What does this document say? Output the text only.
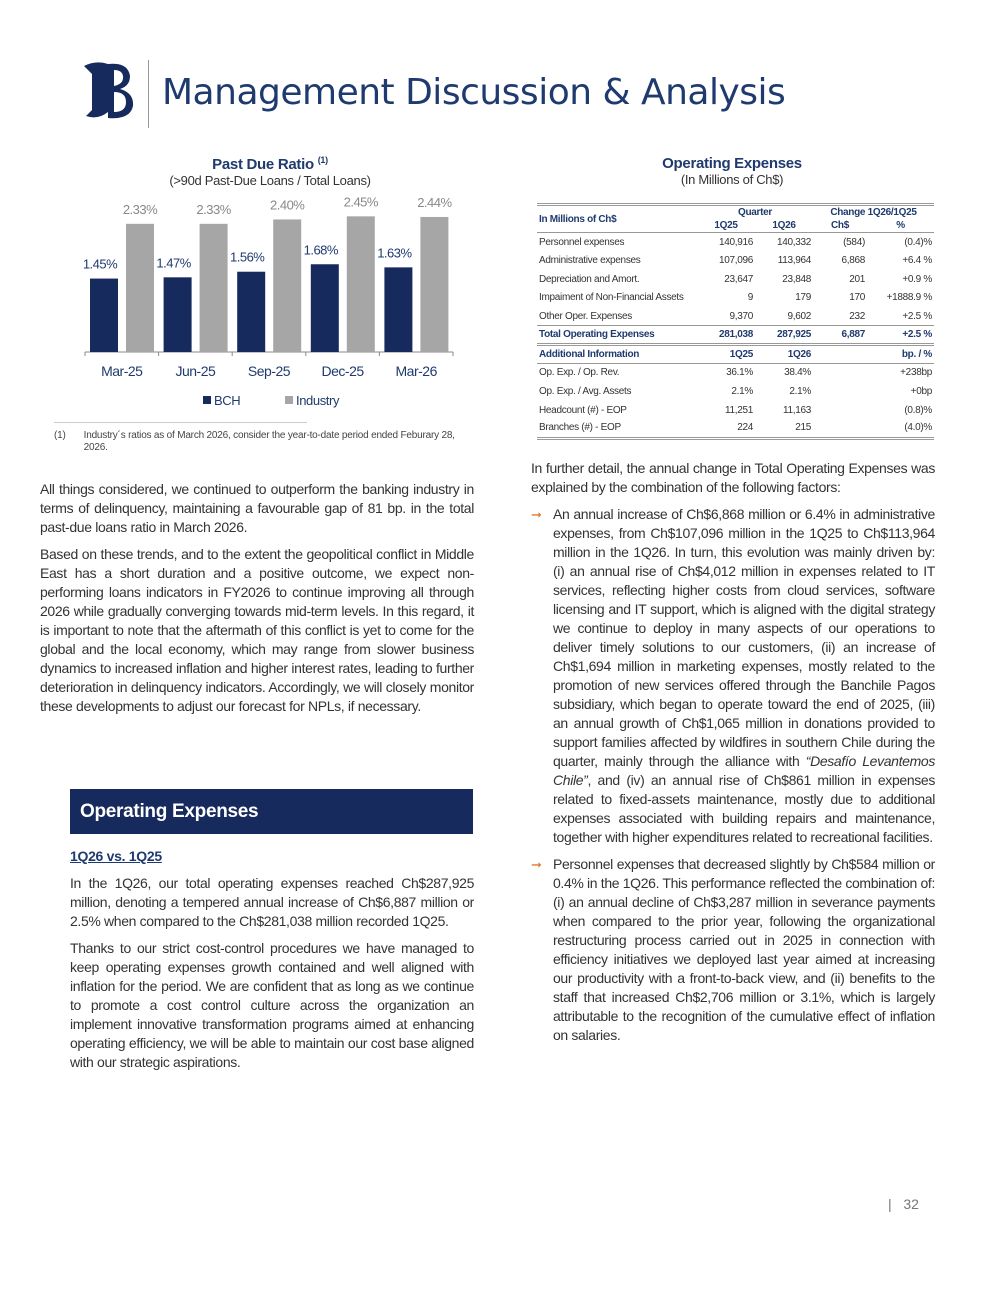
Management Discussion & Analysis
Past Due Ratio $^{(1)}$
(>90d Past-Due Loans / Total Loans)
1.45%
2.33%
Mar-25
1.47%
2.33%
Jun-25
1.56%
2.40%
Sep-25
1.68%
2.45%
Dec-25
1.63%
2.44%
Mar-26
BCH	Industry
(1) Industry´s ratios as of March 2026, consider the year-to-date period ended Feburary 28, 2026.

All things considered, we continued to outperform the banking industry in terms of delinquency, maintaining a favourable gap of 81 bp. in the total past-due loans ratio in March 2026.

Based on these trends, and to the extent the geopolitical conflict in Middle East has a short duration and a positive outcome, we expect non-performing loans indicators in FY2026 to continue improving all through 2026 while gradually converging towards mid-term levels. In this regard, it is important to note that the aftermath of this conflict is yet to come for the global and the local economy, which may range from slower business dynamics to increased inflation and higher interest rates, leading to further deterioration in delinquency indicators. Accordingly, we will closely monitor these developments to adjust our forecast for NPLs, if necessary.

Operating Expenses
1Q26 vs. 1Q25

In the 1Q26, our total operating expenses reached Ch$287,925 million, denoting a tempered annual increase of Ch$6,887 million or 2.5% when compared to the Ch$281,038 million recorded 1Q25.

Thanks to our strict cost-control procedures we have managed to keep operating expenses growth contained and well aligned with inflation for the period. We are confident that as long as we continue to promote a cost control culture across the organization an implement innovative transformation programs aimed at enhancing operating efficiency, we will be able to maintain our cost base aligned with our strategic aspirations.

Operating Expenses
(In Millions of Ch$)
In Millions of Ch$	Quarter		Change 1Q26/1Q25	
	1Q25	1Q26	Ch$	%
Personnel expenses	140,916	140,332	(584)	(0.4)%
Administrative expenses	107,096	113,964	6,868	+6.4 %
Depreciation and Amort.	23,647	23,848	201	+0.9 %
Impaiment of Non-Financial Assets	9	179	170	+1888.9 %
Other Oper. Expenses	9,370	9,602	232	+2.5 %
Total Operating Expenses	281,038	287,925	6,887	+2.5 %
Additional Information	1Q25	1Q26		bp. / %
Op. Exp. / Op. Rev.	36.1%	38.4%		+238bp
Op. Exp. / Avg. Assets	2.1%	2.1%		+0bp
Headcount (#) - EOP	11,251	11,163		(0.8)%
Branches (#) - EOP	224	215		(4.0)%

In further detail, the annual change in Total Operating Expenses was explained by the combination of the following factors:

➞ An annual increase of Ch$6,868 million or 6.4% in administrative expenses, from Ch$107,096 million in the 1Q25 to Ch$113,964 million in the 1Q26. In turn, this evolution was mainly driven by: (i) an annual rise of Ch$4,012 million in expenses related to IT services, reflecting higher costs from cloud services, software licensing and IT support, which is aligned with the digital strategy we continue to deploy in many aspects of our operations to deliver timely solutions to our customers, (ii) an increase of Ch$1,694 million in marketing expenses, mostly related to the promotion of new services offered through the Banchile Pagos subsidiary, which began to operate toward the end of 2025, (iii) an annual growth of Ch$1,065 million in donations provided to support families affected by wildfires in southern Chile during the quarter, mainly through the alliance with “Desafío Levantemos Chile”, and (iv) an annual rise of Ch$861 million in expenses related to fixed-assets maintenance, mostly due to additional expenses associated with building repairs and maintenance, together with higher expenditures related to recreational facilities.
➞ Personnel expenses that decreased slightly by Ch$584 million or 0.4% in the 1Q26. This performance reflected the combination of: (i) an annual decline of Ch$3,287 million in severance payments when compared to the prior year, following the organizational restructuring process carried out in 2025 in connection with efficiency initiatives we deployed last year aimed at increasing our productivity with a front-to-back view, and (ii) benefits to the staff that increased Ch$2,706 million or 3.1%, which is largely attributable to the recognition of the cumulative effect of inflation on salaries.
| 32
